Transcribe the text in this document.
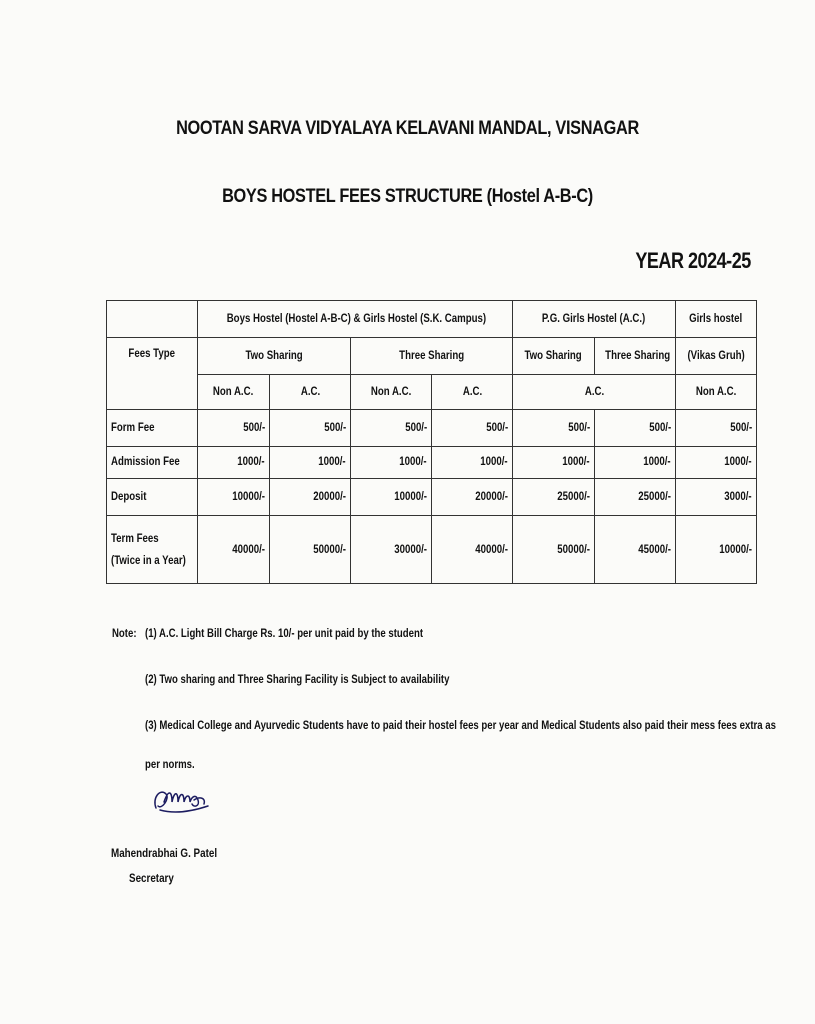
NOOTAN SARVA VIDYALAYA KELAVANI MANDAL, VISNAGAR
BOYS HOSTEL FEES STRUCTURE (Hostel A-B-C)
YEAR 2024-25
	Boys Hostel (Hostel A-B-C) & Girls Hostel (S.K. Campus)				P.G. Girls Hostel (A.C.)		Girls hostel
Fees Type	Two Sharing		Three Sharing		Two Sharing	Three Sharing	(Vikas Gruh)
	Non A.C.	A.C.	Non A.C.	A.C.	A.C.		Non A.C.
Form Fee	500/-	500/-	500/-	500/-	500/-	500/-	500/-
Admission Fee	1000/-	1000/-	1000/-	1000/-	1000/-	1000/-	1000/-
Deposit	10000/-	20000/-	10000/-	20000/-	25000/-	25000/-	3000/-
Term Fees
(Twice in a Year)	40000/-	50000/-	30000/-	40000/-	50000/-	45000/-	10000/-
Note: (1) A.C. Light Bill Charge Rs. 10/- per unit paid by the student
(2) Two sharing and Three Sharing Facility is Subject to availability
(3) Medical College and Ayurvedic Students have to paid their hostel fees per year and Medical Students also paid their mess fees extra as
per norms.
Mahendrabhai G. Patel
Secretary
